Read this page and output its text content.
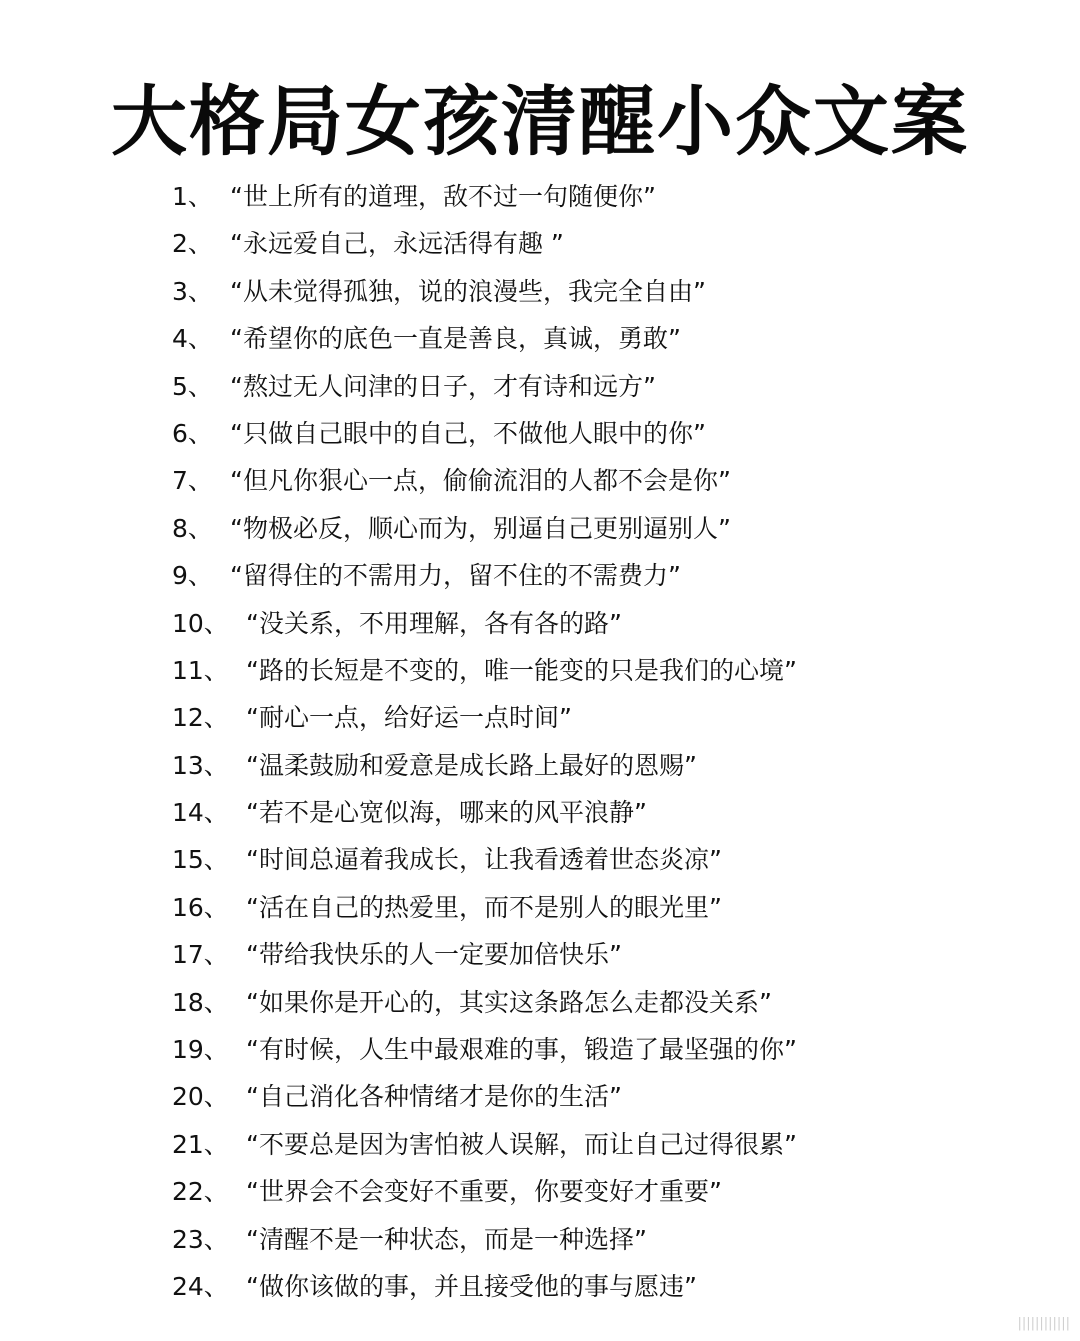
大格局女孩清醒小众文案
1、 “世上所有的道理，敌不过一句随便你”
2、 “永远爱自己，永远活得有趣 ”
3、 “从未觉得孤独，说的浪漫些，我完全自由”
4、 “希望你的底色一直是善良，真诚，勇敢”
5、 “熬过无人问津的日子，才有诗和远方”
6、 “只做自己眼中的自己，不做他人眼中的你”
7、 “但凡你狠心一点，偷偷流泪的人都不会是你”
8、 “物极必反，顺心而为，别逼自己更别逼别人”
9、 “留得住的不需用力，留不住的不需费力”
10、 “没关系，不用理解，各有各的路”
11、 “路的长短是不变的，唯一能变的只是我们的心境”
12、 “耐心一点，给好运一点时间”
13、 “温柔鼓励和爱意是成长路上最好的恩赐”
14、 “若不是心宽似海，哪来的风平浪静”
15、 “时间总逼着我成长，让我看透着世态炎凉”
16、 “活在自己的热爱里，而不是别人的眼光里”
17、 “带给我快乐的人一定要加倍快乐”
18、 “如果你是开心的，其实这条路怎么走都没关系”
19、 “有时候，人生中最艰难的事，锻造了最坚强的你”
20、 “自己消化各种情绪才是你的生活”
21、 “不要总是因为害怕被人误解，而让自己过得很累”
22、 “世界会不会变好不重要，你要变好才重要”
23、 “清醒不是一种状态，而是一种选择”
24、 “做你该做的事，并且接受他的事与愿违”
||||||||||||
